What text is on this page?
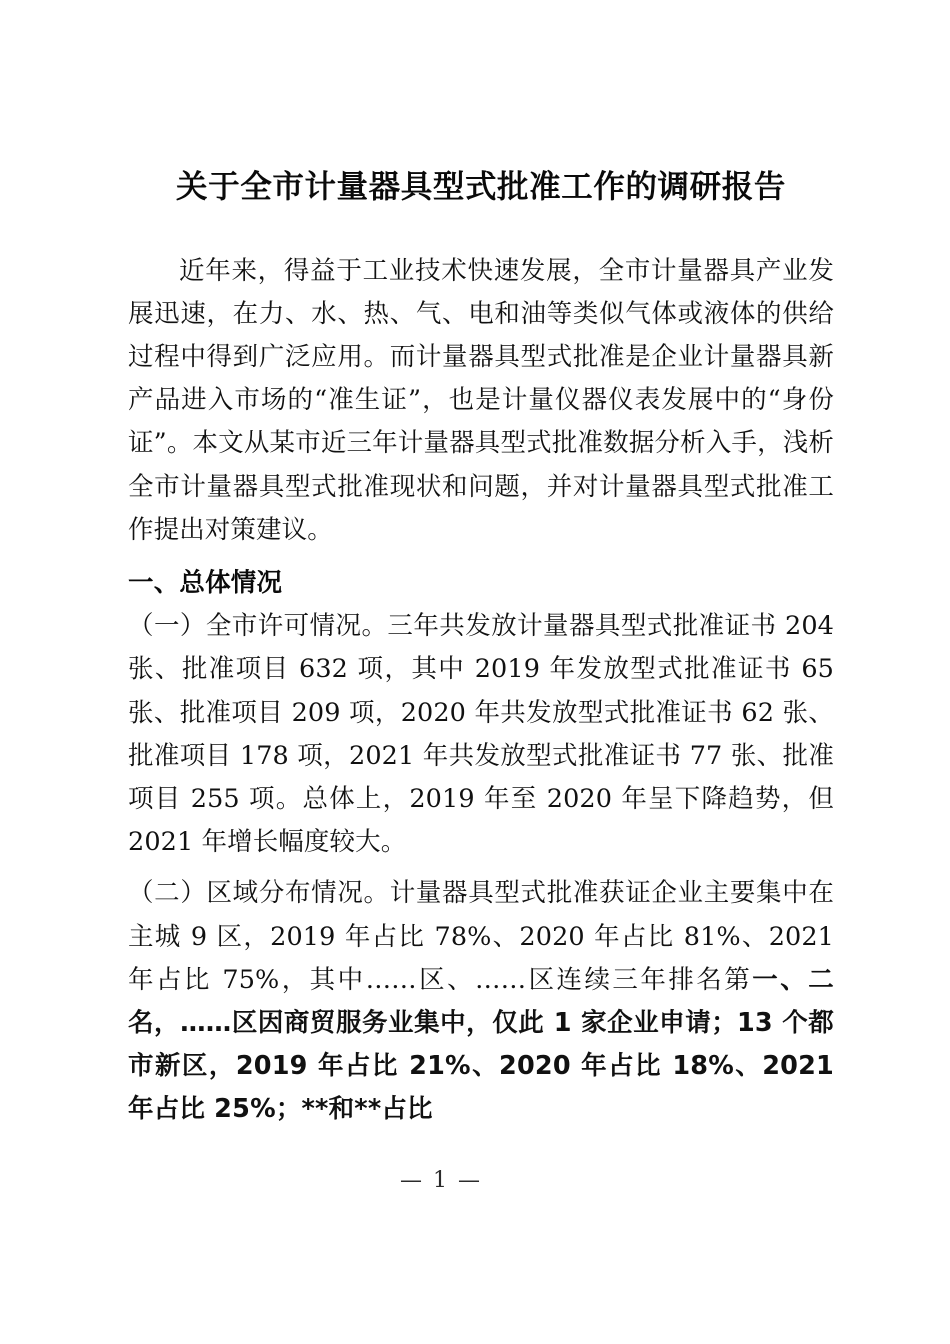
关于全市计量器具型式批准工作的调研报告

近年来，得益于工业技术快速发展，全市计量器具产业发展迅速，在力、水、热、气、电和油等类似气体或液体的供给过程中得到广泛应用。而计量器具型式批准是企业计量器具新产品进入市场的“准生证”，也是计量仪器仪表发展中的“身份证”。本文从某市近三年计量器具型式批准数据分析入手，浅析全市计量器具型式批准现状和问题，并对计量器具型式批准工作提出对策建议。

一、总体情况

（一）全市许可情况。三年共发放计量器具型式批准证书 204 张、批准项目 632 项，其中 2019 年发放型式批准证书 65 张、批准项目 209 项，2020 年共发放型式批准证书 62 张、批准项目 178 项，2021 年共发放型式批准证书 77 张、批准项目 255 项。总体上，2019 年至 2020 年呈下降趋势，但 2021 年增长幅度较大。

（二）区域分布情况。计量器具型式批准获证企业主要集中在主城 9 区，2019 年占比 78%、2020 年占比 81%、2021 年占比 75%，其中……区、……区连续三年排名第一、二名，……区因商贸服务业集中，仅此 1 家企业申请；13 个都市新区，2019 年占比 21%、2020 年占比 18%、2021 年占比 25%；**和**占比

— 1 —
